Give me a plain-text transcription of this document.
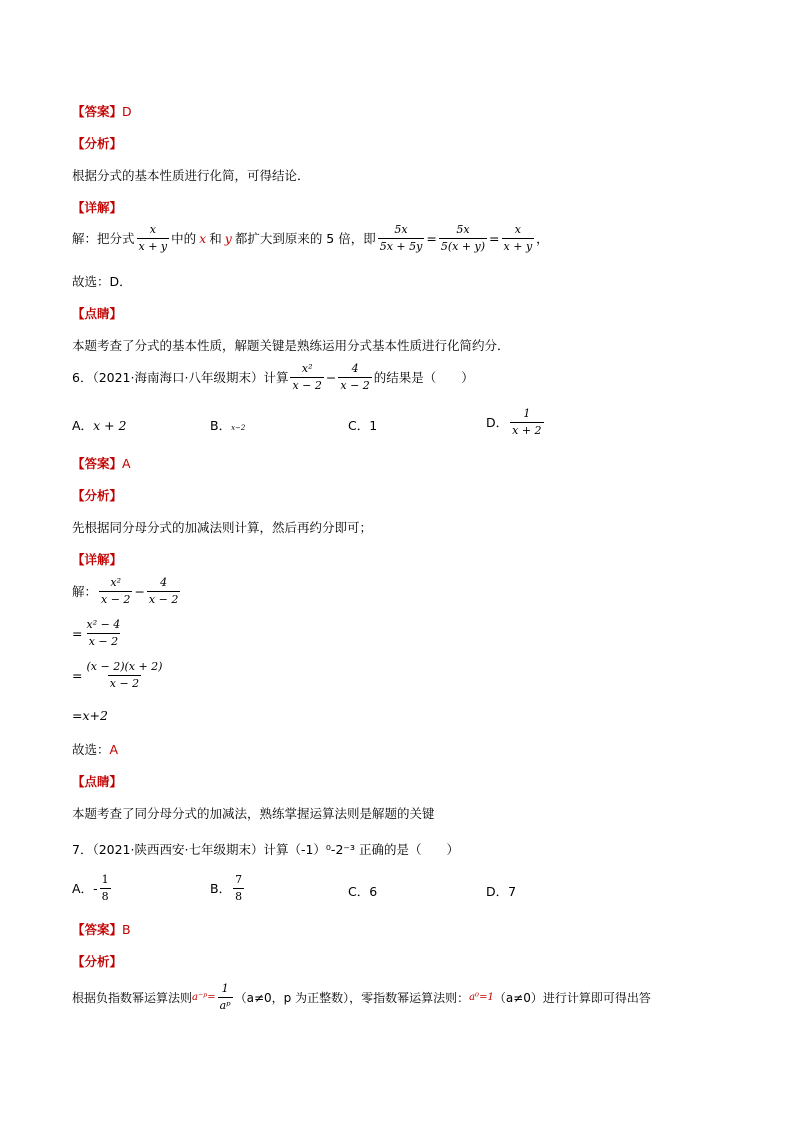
【答案】D
【分析】
根据分式的基本性质进行化简，可得结论．
【详解】
解：把分式 $\frac{x}{x + y}$ 中的 x 和 y 都扩大到原来的 5 倍，即 $\frac{5x}{5x + 5y} = \frac{5x}{5(x + y)} = \frac{x}{x + y}$ ，
故选：D．
【点睛】
本题考查了分式的基本性质，解题关键是熟练运用分式基本性质进行化简约分．
6．（2021·海南海口·八年级期末）计算 $\frac{\text{x²}}{x - 2} - \frac{4}{x - 2}$ 的结果是（　　）
A．x + 2	B．x−2	C．1	D． $\frac{1}{x + 2}$
【答案】A
【分析】
先根据同分母分式的加减法则计算，然后再约分即可；
【详解】
解： $\frac{\text{x²}}{x - 2} - \frac{4}{x - 2}$
= $\frac{\text{x² − 4}}{x - 2}$
= $\frac{(x - 2)(x + 2)}{x - 2}$
=x+2
故选：A
【点睛】
本题考查了同分母分式的加减法，熟练掌握运算法则是解题的关键
7．（2021·陕西西安·七年级期末）计算（-1）⁰-2⁻³ 正确的是（　　）
A． - $\frac{1}{8}$	B． $\frac{7}{8}$	C．6	D．7
【答案】B
【分析】
根据负指数幂运算法则 a⁻ᵖ= $\frac{1}{\text{aᵖ}} (a\ne 0$，p 为正整数），零指数幂运算法则： a⁰=1 （a≠0）进行计算即可得出答
